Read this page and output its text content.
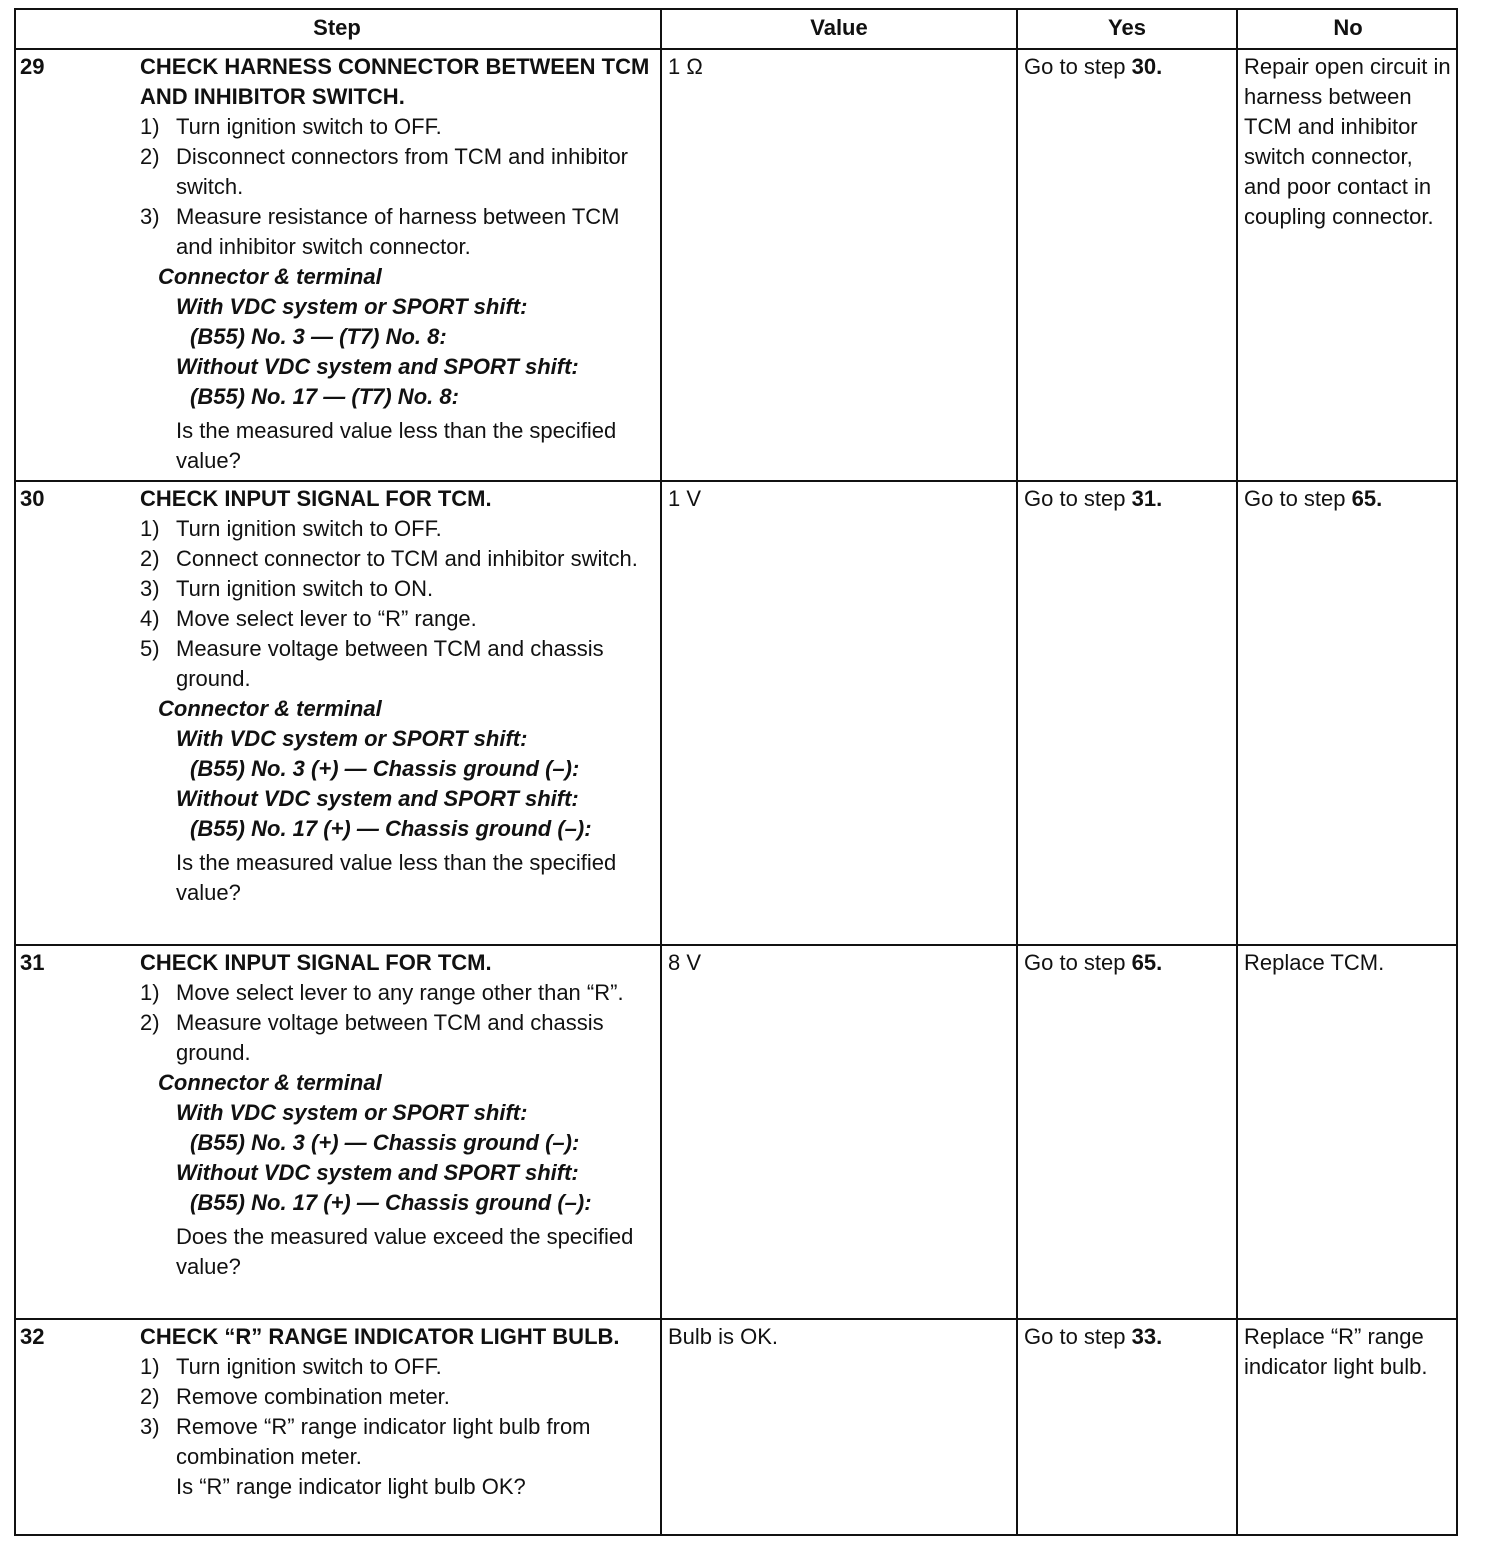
Step	Value	Yes	No
29	CHECK HARNESS CONNECTOR BETWEEN TCM AND INHIBITOR SWITCH.
1) Turn ignition switch to OFF.
2) Disconnect connectors from TCM and inhibitor switch.
3) Measure resistance of harness between TCM and inhibitor switch connector.
Connector & terminal
With VDC system or SPORT shift:
(B55) No. 3 — (T7) No. 8:
Without VDC system and SPORT shift:
(B55) No. 17 — (T7) No. 8:
Is the measured value less than the specified value?
1 Ω	Go to step 30.	Repair open circuit in harness between TCM and inhibitor switch connector, and poor contact in coupling connector.
30	CHECK INPUT SIGNAL FOR TCM.
1) Turn ignition switch to OFF.
2) Connect connector to TCM and inhibitor switch.
3) Turn ignition switch to ON.
4) Move select lever to “R” range.
5) Measure voltage between TCM and chassis ground.
Connector & terminal
With VDC system or SPORT shift:
(B55) No. 3 (+) — Chassis ground (–):
Without VDC system and SPORT shift:
(B55) No. 17 (+) — Chassis ground (–):
Is the measured value less than the specified value?
1 V	Go to step 31.	Go to step 65.
31	CHECK INPUT SIGNAL FOR TCM.
1) Move select lever to any range other than “R”.
2) Measure voltage between TCM and chassis ground.
Connector & terminal
With VDC system or SPORT shift:
(B55) No. 3 (+) — Chassis ground (–):
Without VDC system and SPORT shift:
(B55) No. 17 (+) — Chassis ground (–):
Does the measured value exceed the specified value?
8 V	Go to step 65.	Replace TCM.
32	CHECK “R” RANGE INDICATOR LIGHT BULB.
1) Turn ignition switch to OFF.
2) Remove combination meter.
3) Remove “R” range indicator light bulb from combination meter.
Is “R” range indicator light bulb OK?
Bulb is OK.	Go to step 33.	Replace “R” range indicator light bulb.
